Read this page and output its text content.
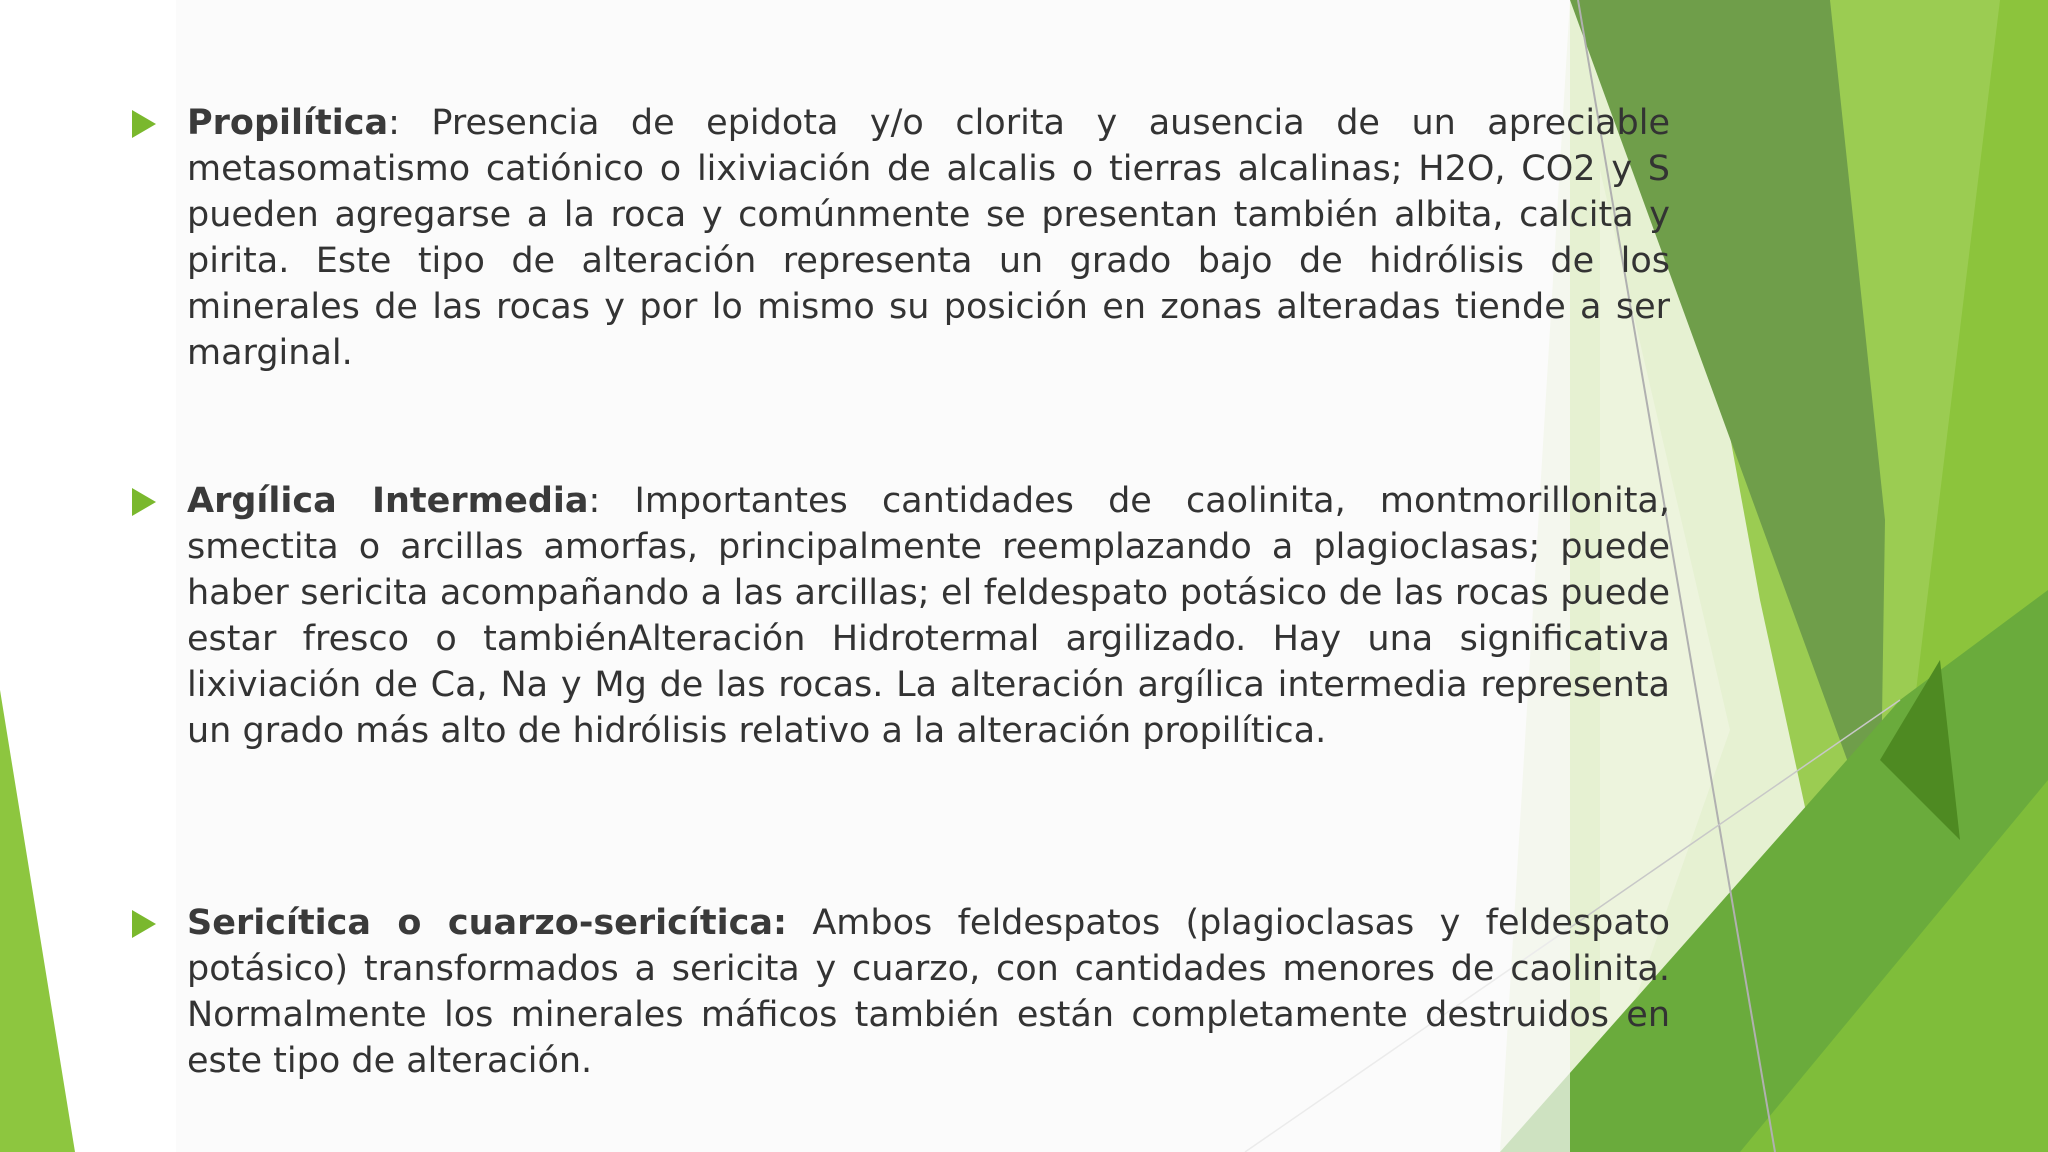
Propilítica: Presencia de epidota y/o clorita y ausencia de un apreciable metasomatismo catiónico o lixiviación de alcalis o tierras alcalinas; H2O, CO2 y S pueden agregarse a la roca y comúnmente se presentan también albita, calcita y pirita. Este tipo de alteración representa un grado bajo de hidrólisis de los minerales de las rocas y por lo mismo su posición en zonas alteradas tiende a ser marginal.
Argílica Intermedia: Importantes cantidades de caolinita, montmorillonita, smectita o arcillas amorfas, principalmente reemplazando a plagioclasas; puede haber sericita acompañando a las arcillas; el feldespato potásico de las rocas puede estar fresco o tambiénAlteración Hidrotermal argilizado. Hay una significativa lixiviación de Ca, Na y Mg de las rocas. La alteración argílica intermedia representa un grado más alto de hidrólisis relativo a la alteración propilítica.
Sericítica o cuarzo-sericítica: Ambos feldespatos (plagioclasas y feldespato potásico) transformados a sericita y cuarzo, con cantidades menores de caolinita. Normalmente los minerales máficos también están completamente destruidos en este tipo de alteración.
